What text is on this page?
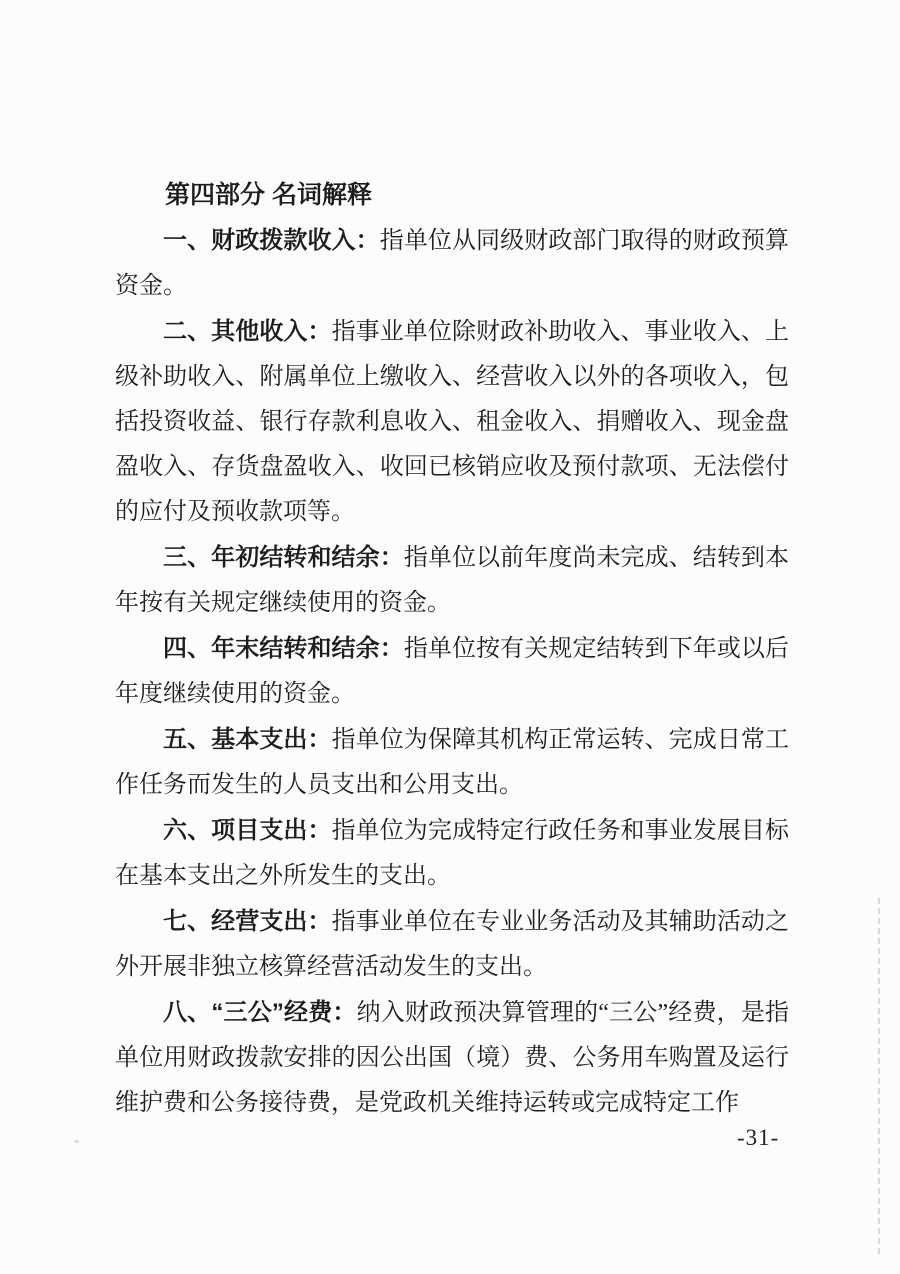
第四部分 名词解释

一、财政拨款收入：指单位从同级财政部门取得的财政预算资金。

二、其他收入：指事业单位除财政补助收入、事业收入、上级补助收入、附属单位上缴收入、经营收入以外的各项收入，包括投资收益、银行存款利息收入、租金收入、捐赠收入、现金盘盈收入、存货盘盈收入、收回已核销应收及预付款项、无法偿付的应付及预收款项等。

三、年初结转和结余：指单位以前年度尚未完成、结转到本年按有关规定继续使用的资金。

四、年末结转和结余：指单位按有关规定结转到下年或以后年度继续使用的资金。

五、基本支出：指单位为保障其机构正常运转、完成日常工作任务而发生的人员支出和公用支出。

六、项目支出：指单位为完成特定行政任务和事业发展目标在基本支出之外所发生的支出。

七、经营支出：指事业单位在专业业务活动及其辅助活动之外开展非独立核算经营活动发生的支出。

八、“三公”经费：纳入财政预决算管理的“三公”经费，是指单位用财政拨款安排的因公出国（境）费、公务用车购置及运行维护费和公务接待费，是党政机关维持运转或完成特定工作

-31-
